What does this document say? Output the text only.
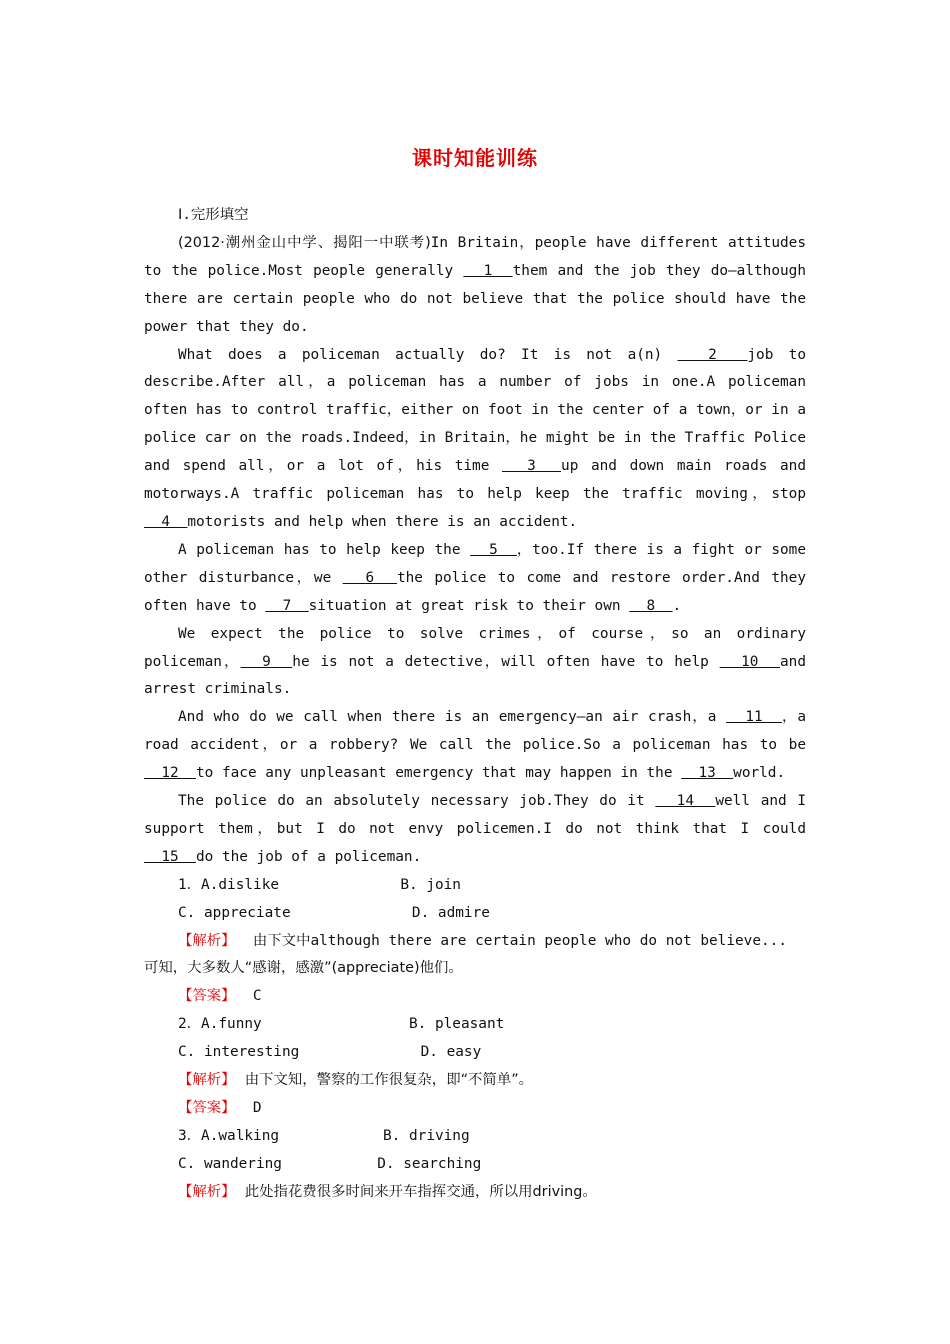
课时知能训练

Ⅰ.完形填空

(2012·潮州金山中学、揭阳一中联考)In Britain，people have different attitudes to the police.Most people generally   1  them and the job they do—although there are certain people who do not believe that the police should have the power that they do.

What does a policeman actually do? It is not a(n)   2  job to describe.After all，a policeman has a number of jobs in one.A policeman often has to control traffic，either on foot in the center of a town，or in a police car on the roads.Indeed，in Britain，he might be in the Traffic Police and spend all，or a lot of，his time   3  up and down main roads and motorways.A traffic policeman has to help keep the traffic moving，stop   4  motorists and help when there is an accident.

A policeman has to help keep the   5  ，too.If there is a fight or some other disturbance，we   6  the police to come and restore order.And they often have to   7  situation at great risk to their own   8  .

We expect the police to solve crimes，of course，so an ordinary policeman，  9  he is not a detective，will often have to help   10  and arrest criminals.

And who do we call when there is an emergency—an air crash，a   11  ，a road accident，or a robbery? We call the police.So a policeman has to be   12  to face any unpleasant emergency that may happen in the   13  world.

The police do an absolutely necessary job.They do it   14  well and I support them，but I do not envy policemen.I do not think that I could   15  do the job of a policeman.

1．A.dislike              B. join

C. appreciate              D. admire

【解析】  由下文中although there are certain people who do not believe...

可知，大多数人“感谢，感激”(appreciate)他们。

【答案】  C

2．A.funny                 B. pleasant

C. interesting              D. easy

【解析】  由下文知，警察的工作很复杂，即“不简单”。

【答案】  D

3．A.walking            B. driving

C. wandering           D. searching

【解析】  此处指花费很多时间来开车指挥交通，所以用driving。
